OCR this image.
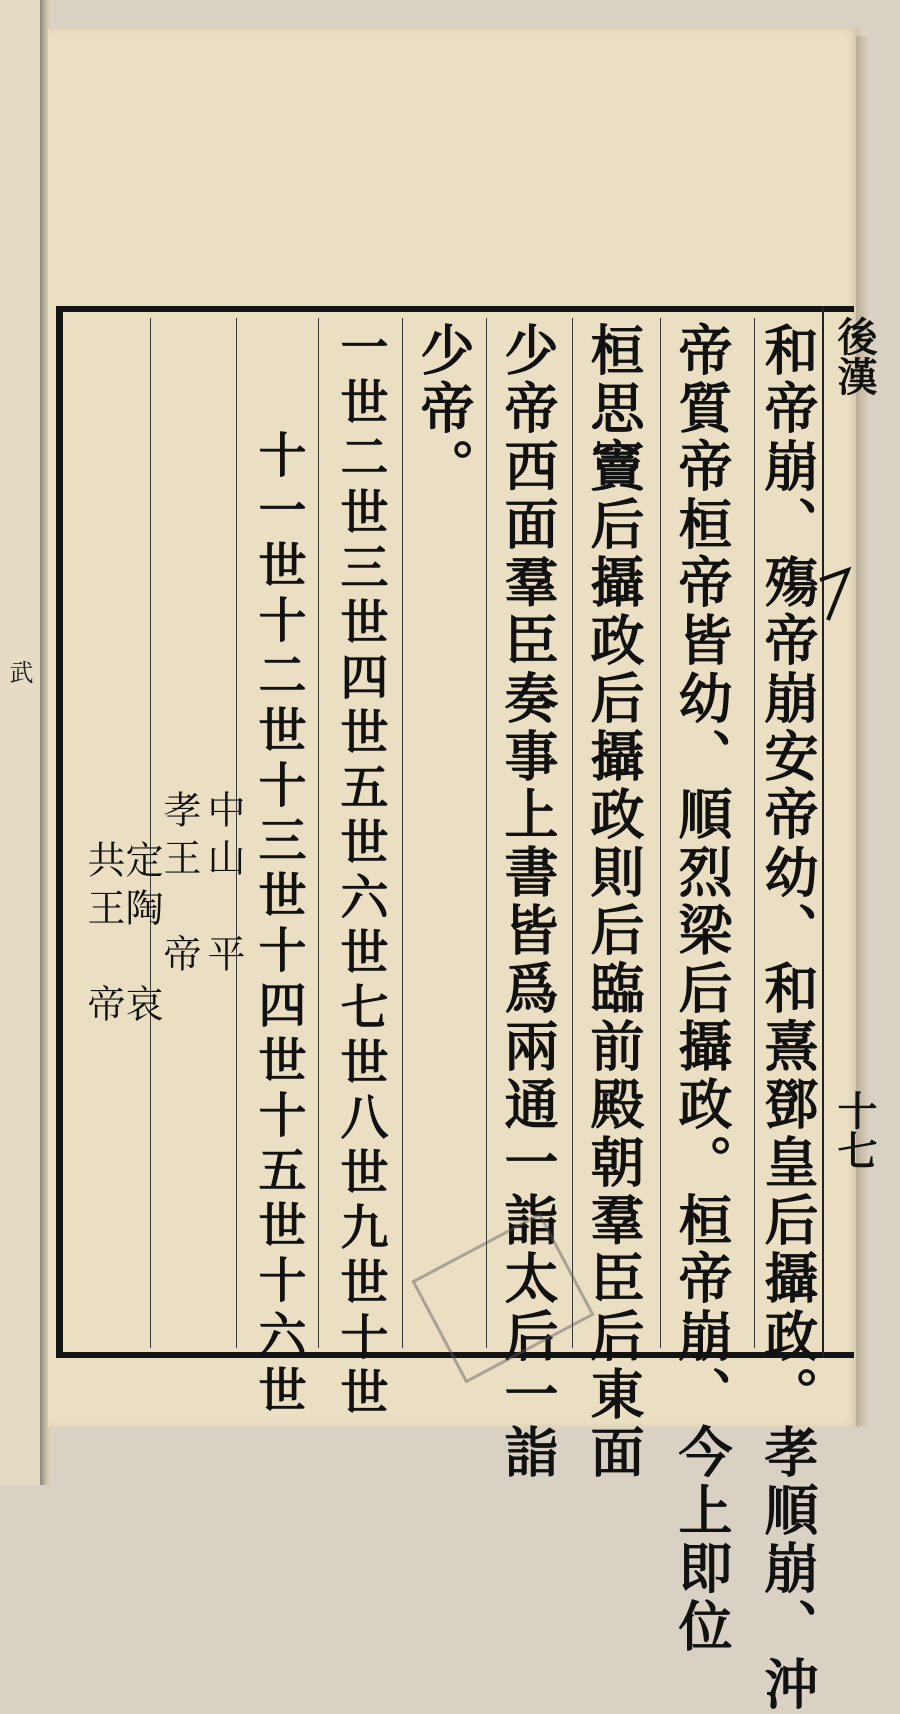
武
後漢
十七
和帝崩、殤帝崩安帝幼、和熹鄧皇后攝政。孝順崩、沖
帝質帝桓帝皆幼、順烈梁后攝政。桓帝崩、今上即位
桓思竇后攝政后攝政則后臨前殿朝羣臣后東面
少帝西面羣臣奏事上書皆爲兩通一詣太后一詣
少帝。
一世二世三世四世五世六世七世八世九世十世
十一世十二世十三世十四世十五世十六世
中山　平
孝王　帝
定陶　哀
共王　帝
